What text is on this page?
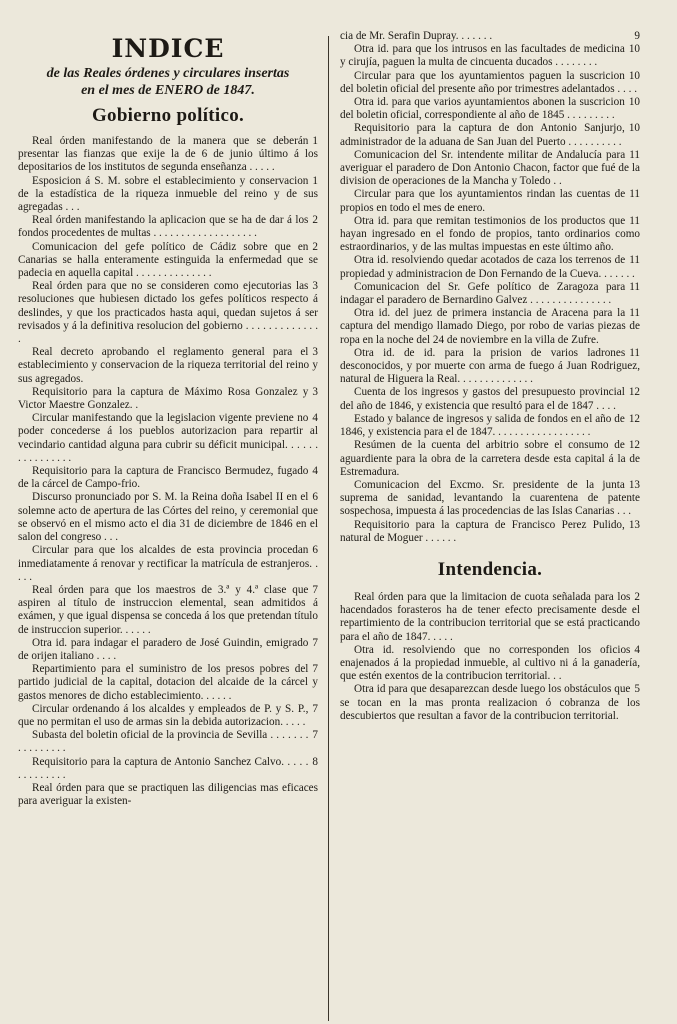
INDICE
de las Reales órdenes y circulares insertas
en el mes de ENERO de 1847.
Gobierno político.

1
Real órden manifestando de la manera que se deberán presentar las fianzas que exije la de 6 de junio último á los depositarios de los institutos de segunda enseñanza . . . . .

1
Esposicion á S. M. sobre el establecimiento y conservacion de la estadística de la riqueza inmueble del reino y de sus agregadas . . .

2
Real órden manifestando la aplicacion que se ha de dar á los fondos procedentes de multas . . . . . . . . . . . . . . . . . . .

2
Comunicacion del gefe político de Cádiz sobre que en Canarias se halla enteramente estinguida la enfermedad que se padecia en aquella capital . . . . . . . . . . . . . .

3
Real órden para que no se consideren como ejecutorias las resoluciones que hubiesen dictado los gefes políticos respecto á deslindes, y que los practicados hasta aqui, quedan sujetos á ser revisados y á la definitiva resolucion del gobierno . . . . . . . . . . . . . .

3
Real decreto aprobando el reglamento general para el establecimiento y conservacion de la riqueza territorial del reino y sus agregados.

3
Requisitorio para la captura de Máximo Rosa Gonzalez y Victor Maestre Gonzalez. .

4
Circular manifestando que la legislacion vigente previene no poder concederse á los pueblos autorizacion para repartir al vecindario cantidad alguna para cubrir su déficit municipal. . . . . . . . . . . . . . . .

4
Requisitorio para la captura de Francisco Bermudez, fugado de la cárcel de Campo-frio.

6
Discurso pronunciado por S. M. la Reina doña Isabel II en el solemne acto de apertura de las Córtes del reino, y ceremonial que se observó en el mismo acto el dia 31 de diciembre de 1846 en el salon del congreso . . .

6
Circular para que los alcaldes de esta provincia procedan inmediatamente á renovar y rectificar la matrícula de estranjeros. . . . .

7
Real órden para que los maestros de 3.ª y 4.ª clase que aspiren al título de instruccion elemental, sean admitidos á exámen, y que igual dispensa se conceda á los que pretendan título de instruccion superior. . . . . .

7
Otra id. para indagar el paradero de José Guindin, emigrado de orijen italiano . . . .

7
Repartimiento para el suministro de los presos pobres del partido judicial de la capital, dotacion del alcaide de la cárcel y gastos menores de dicho establecimiento. . . . . .

7
Circular ordenando á los alcaldes y empleados de P. y S. P., que no permitan el uso de armas sin la debida autorizacion. . . . .

7
Subasta del boletin oficial de la provincia de Sevilla . . . . . . . . . . . . . . . .

8
Requisitorio para la captura de Antonio Sanchez Calvo. . . . . . . . . . . . . .

Real órden para que se practiquen las diligencias mas eficaces para averiguar la existen-

9
cia de Mr. Serafin Dupray. . . . . . .

10
Otra id. para que los intrusos en las facultades de medicina y cirujía, paguen la multa de cincuenta ducados . . . . . . . .

10
Circular para que los ayuntamientos paguen la suscricion del boletin oficial del presente año por trimestres adelantados . . . .

10
Otra id. para que varios ayuntamientos abonen la suscricion del boletin oficial, correspondiente al año de 1845 . . . . . . . . .

10
Requisitorio para la captura de don Antonio Sanjurjo, administrador de la aduana de San Juan del Puerto . . . . . . . . . .

11
Comunicacion del Sr. intendente militar de Andalucía para averiguar el paradero de Don Antonio Chacon, factor que fué de la division de operaciones de la Mancha y Toledo . .

11
Circular para que los ayuntamientos rindan las cuentas de propios en todo el mes de enero.

11
Otra id. para que remitan testimonios de los productos que hayan ingresado en el fondo de propios, tanto ordinarios como estraordinarios, y de las multas impuestas en este último año.

11
Otra id. resolviendo quedar acotados de caza los terrenos de propiedad y administracion de Don Fernando de la Cueva. . . . . . .

11
Comunicacion del Sr. Gefe político de Zaragoza para indagar el paradero de Bernardino Galvez . . . . . . . . . . . . . . .

11
Otra id. del juez de primera instancia de Aracena para la captura del mendigo llamado Diego, por robo de varias piezas de ropa en la noche del 24 de noviembre en la villa de Zufre.

11
Otra id. de id. para la prision de varios ladrones desconocidos, y por muerte con arma de fuego á Juan Rodriguez, natural de Higuera la Real. . . . . . . . . . . . . .

12
Cuenta de los ingresos y gastos del presupuesto provincial del año de 1846, y existencia que resultó para el de 1847 . . . .

12
Estado y balance de ingresos y salida de fondos en el año de 1846, y existencia para el de 1847. . . . . . . . . . . . . . . . . .

12
Resúmen de la cuenta del arbitrio sobre el consumo de aguardiente para la obra de la carretera desde esta capital á la de Estremadura.

13
Comunicacion del Excmo. Sr. presidente de la junta suprema de sanidad, levantando la cuarentena de patente sospechosa, impuesta á las procedencias de las Islas Canarias . . .

13
Requisitorio para la captura de Francisco Perez Pulido, natural de Moguer . . . . . .

Intendencia.

2
Real órden para que la limitacion de cuota señalada para los hacendados forasteros ha de tener efecto precisamente desde el repartimiento de la contribucion territorial que se está practicando para el año de 1847. . . . .

4
Otra id. resolviendo que no corresponden los oficios enajenados á la propiedad inmueble, al cultivo ni á la ganadería, que estén exentos de la contribucion territorial. . .

5
Otra id para que desaparezcan desde luego los obstáculos que se tocan en la mas pronta realizacion ó cobranza de los descubiertos que resultan a favor de la contribucion territorial.
